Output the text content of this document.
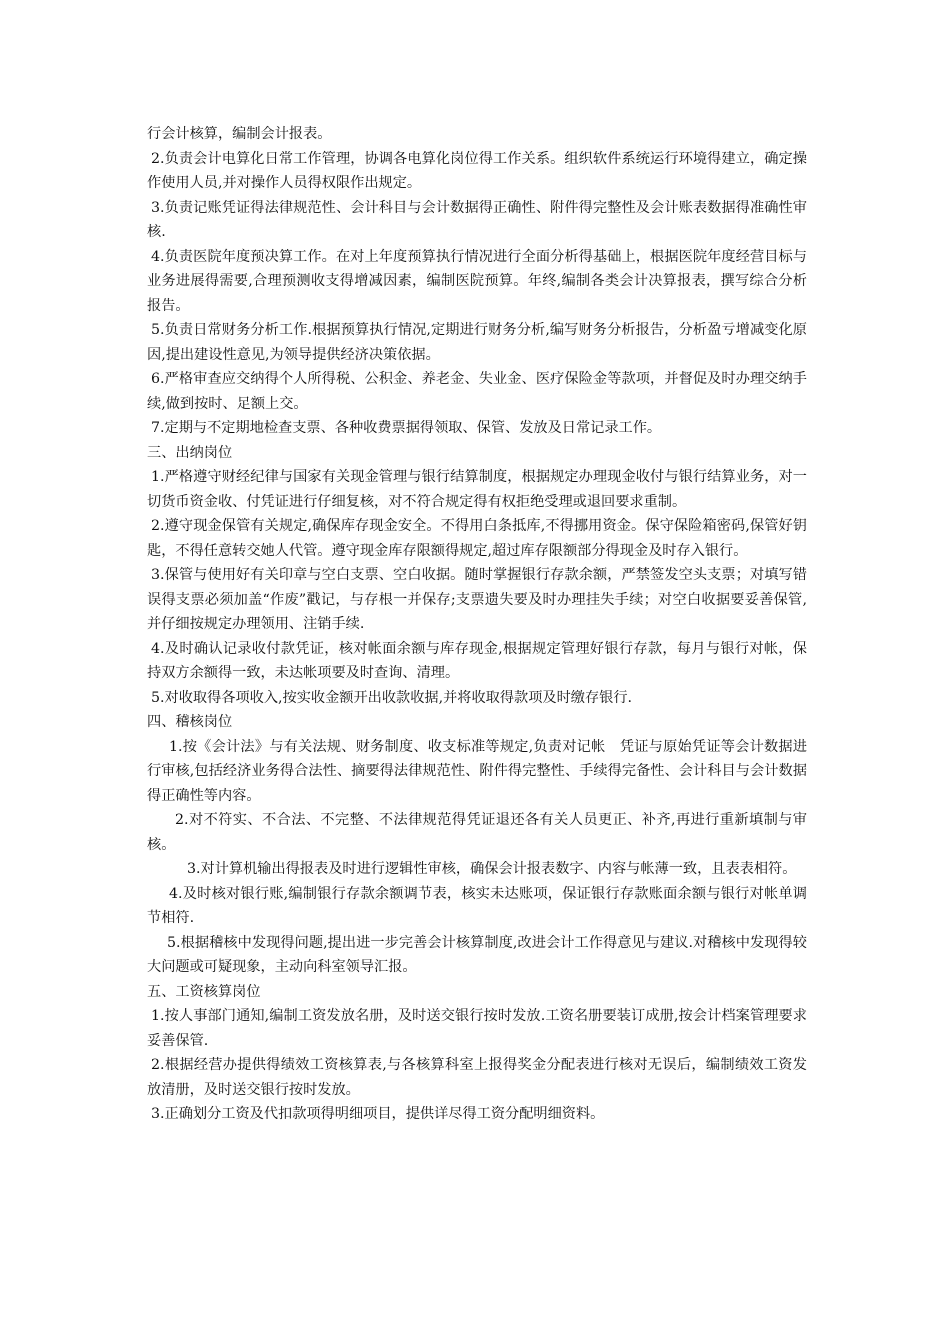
行会计核算，编制会计报表。

2.负责会计电算化日常工作管理，协调各电算化岗位得工作关系。组织软件系统运行环境得建立，确定操作使用人员,并对操作人员得权限作出规定。

3.负责记账凭证得法律规范性、会计科目与会计数据得正确性、附件得完整性及会计账表数据得准确性审核.

4.负责医院年度预决算工作。在对上年度预算执行情况进行全面分析得基础上，根据医院年度经营目标与业务进展得需要,合理预测收支得增减因素，编制医院预算。年终,编制各类会计决算报表，撰写综合分析报告。

5.负责日常财务分析工作.根据预算执行情况,定期进行财务分析,编写财务分析报告，分析盈亏增减变化原因,提出建设性意见,为领导提供经济决策依据。

6.严格审查应交纳得个人所得税、公积金、养老金、失业金、医疗保险金等款项，并督促及时办理交纳手续,做到按时、足额上交。

7.定期与不定期地检查支票、各种收费票据得领取、保管、发放及日常记录工作。

三、出纳岗位

1.严格遵守财经纪律与国家有关现金管理与银行结算制度，根据规定办理现金收付与银行结算业务，对一切货币资金收、付凭证进行仔细复核，对不符合规定得有权拒绝受理或退回要求重制。

2.遵守现金保管有关规定,确保库存现金安全。不得用白条抵库,不得挪用资金。保守保险箱密码,保管好钥匙，不得任意转交她人代管。遵守现金库存限额得规定,超过库存限额部分得现金及时存入银行。

3.保管与使用好有关印章与空白支票、空白收据。随时掌握银行存款余额，严禁签发空头支票；对填写错误得支票必须加盖“作废”戳记，与存根一并保存;支票遗失要及时办理挂失手续；对空白收据要妥善保管,并仔细按规定办理领用、注销手续.

4.及时确认记录收付款凭证，核对帐面余额与库存现金,根据规定管理好银行存款，每月与银行对帐，保持双方余额得一致，未达帐项要及时查询、清理。

5.对收取得各项收入,按实收金额开出收款收据,并将收取得款项及时缴存银行.

四、稽核岗位

1.按《会计法》与有关法规、财务制度、收支标准等规定,负责对记帐　凭证与原始凭证等会计数据进行审核,包括经济业务得合法性、摘要得法律规范性、附件得完整性、手续得完备性、会计科目与会计数据得正确性等内容。

2.对不符实、不合法、不完整、不法律规范得凭证退还各有关人员更正、补齐,再进行重新填制与审核。

3.对计算机输出得报表及时进行逻辑性审核，确保会计报表数字、内容与帐薄一致，且表表相符。

4.及时核对银行账,编制银行存款余额调节表，核实未达账项，保证银行存款账面余额与银行对帐单调节相符.

5.根据稽核中发现得问题,提出进一步完善会计核算制度,改进会计工作得意见与建议.对稽核中发现得较大问题或可疑现象，主动向科室领导汇报。

五、工资核算岗位

1.按人事部门通知,编制工资发放名册，及时送交银行按时发放.工资名册要装订成册,按会计档案管理要求妥善保管.

2.根据经营办提供得绩效工资核算表,与各核算科室上报得奖金分配表进行核对无误后，编制绩效工资发放清册，及时送交银行按时发放。

3.正确划分工资及代扣款项得明细项目，提供详尽得工资分配明细资料。
